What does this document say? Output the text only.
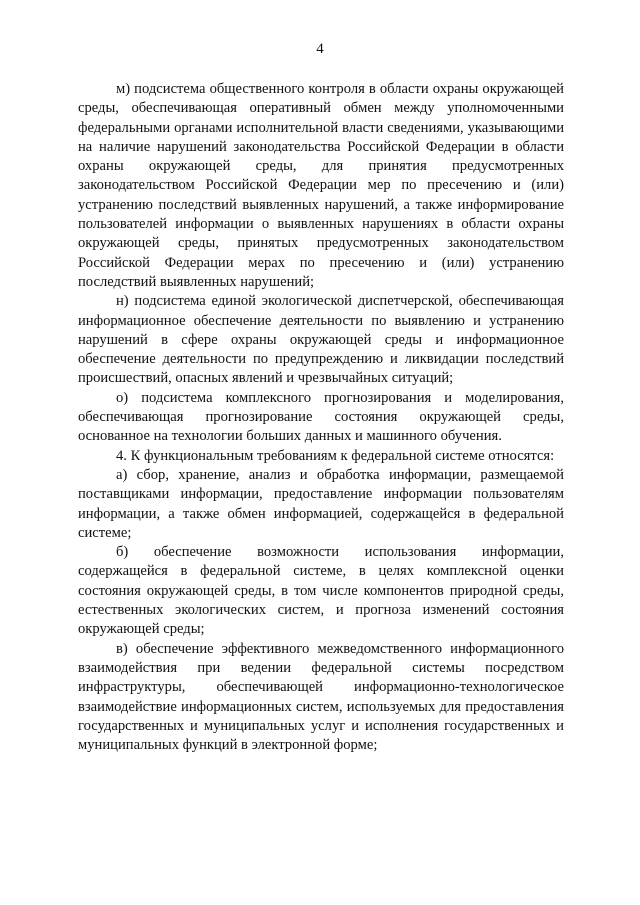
4

м) подсистема общественного контроля в области охраны окружающей среды, обеспечивающая оперативный обмен между уполномоченными федеральными органами исполнительной власти сведениями, указывающими на наличие нарушений законодательства Российской Федерации в области охраны окружающей среды, для принятия предусмотренных законодательством Российской Федерации мер по пресечению и (или) устранению последствий выявленных нарушений, а также информирование пользователей информации о выявленных нарушениях в области охраны окружающей среды, принятых предусмотренных законодательством Российской Федерации мерах по пресечению и (или) устранению последствий выявленных нарушений;

н) подсистема единой экологической диспетчерской, обеспечивающая информационное обеспечение деятельности по выявлению и устранению нарушений в сфере охраны окружающей среды и информационное обеспечение деятельности по предупреждению и ликвидации последствий происшествий, опасных явлений и чрезвычайных ситуаций;

о) подсистема комплексного прогнозирования и моделирования, обеспечивающая прогнозирование состояния окружающей среды, основанное на технологии больших данных и машинного обучения.

4. К функциональным требованиям к федеральной системе относятся:

а) сбор, хранение, анализ и обработка информации, размещаемой поставщиками информации, предоставление информации пользователям информации, а также обмен информацией, содержащейся в федеральной системе;

б) обеспечение возможности использования информации, содержащейся в федеральной системе, в целях комплексной оценки состояния окружающей среды, в том числе компонентов природной среды, естественных экологических систем, и прогноза изменений состояния окружающей среды;

в) обеспечение эффективного межведомственного информационного взаимодействия при ведении федеральной системы посредством инфраструктуры, обеспечивающей информационно-технологическое взаимодействие информационных систем, используемых для предоставления государственных и муниципальных услуг и исполнения государственных и муниципальных функций в электронной форме;
